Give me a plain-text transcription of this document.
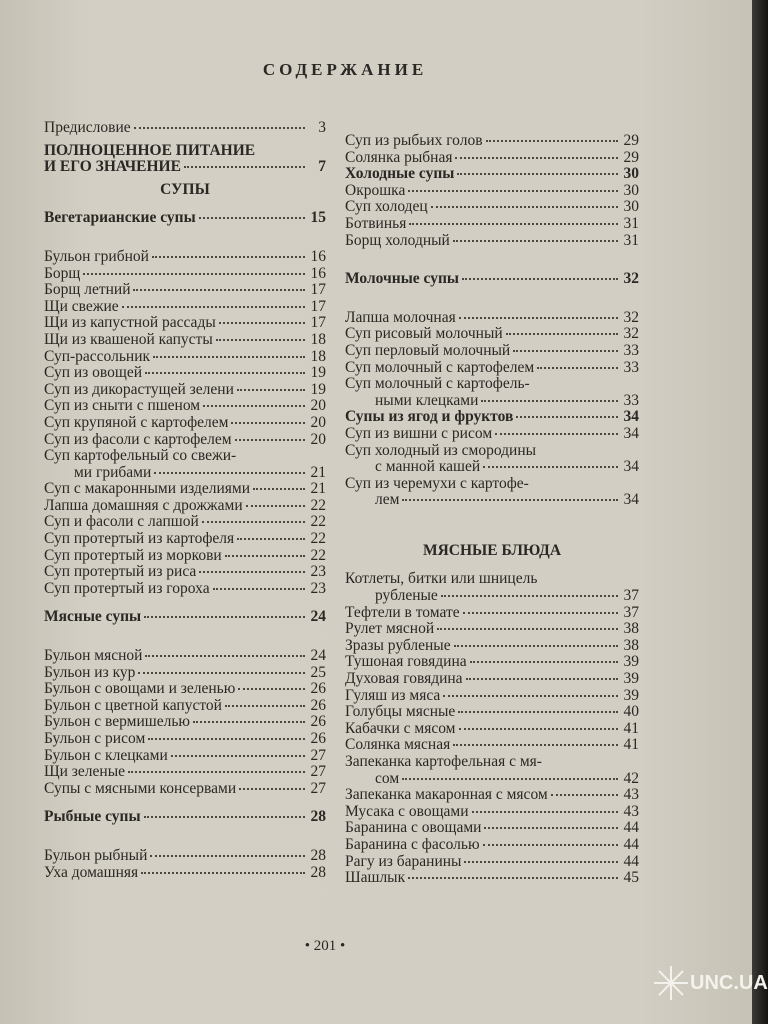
СОДЕРЖАНИЕ
Предисловие	3
ПОЛНОЦЕННОЕ ПИТАНИЕ
И ЕГО ЗНАЧЕНИЕ	7
СУПЫ
Вегетарианские супы	15
Бульон грибной	16
Борщ	16
Борщ летний	17
Щи свежие	17
Щи из капустной рассады	17
Щи из квашеной капусты	18
Суп-рассольник	18
Суп из овощей	19
Суп из дикорастущей зелени	19
Суп из сныти с пшеном	20
Суп крупяной с картофелем	20
Суп из фасоли с картофелем	20
Суп картофельный со свежи-
ми грибами	21
Суп с макаронными изделиями	21
Лапша домашняя с дрожжами	22
Суп и фасоли с лапшой	22
Суп протертый из картофеля	22
Суп протертый из моркови	22
Суп протертый из риса	23
Суп протертый из гороха	23
Мясные супы	24
Бульон мясной	24
Бульон из кур	25
Бульон с овощами и зеленью	26
Бульон с цветной капустой	26
Бульон с вермишелью	26
Бульон с рисом	26
Бульон с клецками	27
Щи зеленые	27
Супы с мясными консервами	27
Рыбные супы	28
Бульон рыбный	28
Уха домашняя	28
Суп из рыбьих голов	29
Солянка рыбная	29
Холодные супы	30
Окрошка	30
Суп холодец	30
Ботвинья	31
Борщ холодный	31
Молочные супы	32
Лапша молочная	32
Суп рисовый молочный	32
Суп перловый молочный	33
Суп молочный с картофелем	33
Суп молочный с картофель-
ными клецками	33
Супы из ягод и фруктов	34
Суп из вишни с рисом	34
Суп холодный из смородины
с манной кашей	34
Суп из черемухи с картофе-
лем	34
МЯСНЫЕ БЛЮДА
Котлеты, битки или шницель
рубленые	37
Тефтели в томате	37
Рулет мясной	38
Зразы рубленые	38
Тушоная говядина	39
Духовая говядина	39
Гуляш из мяса	39
Голубцы мясные	40
Кабачки с мясом	41
Солянка мясная	41
Запеканка картофельная с мя-
сом	42
Запеканка макаронная с мясом	43
Мусака с овощами	43
Баранина с овощами	44
Баранина с фасолью	44
Рагу из баранины	44
Шашлык	45
• 201 •
UNC.UA
